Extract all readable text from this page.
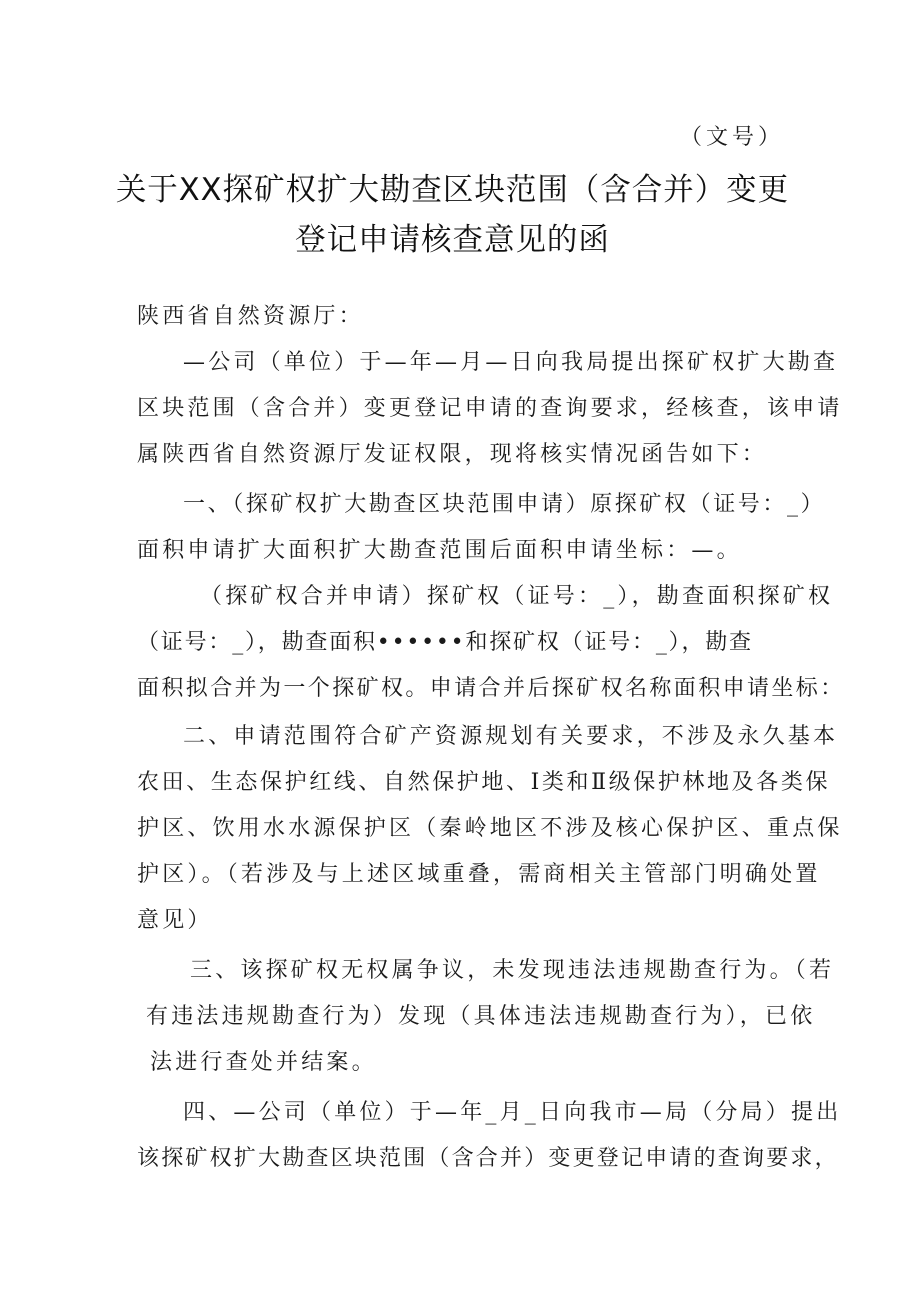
（文号）
关于XX探矿权扩大勘查区块范围（含合并）变更
登记申请核查意见的函
陕西省自然资源厅：
—公司（单位）于—年—月—日向我局提出探矿权扩大勘查
区块范围（含合并）变更登记申请的查询要求，经核查，该申请
属陕西省自然资源厅发证权限，现将核实情况函告如下：
一、（探矿权扩大勘查区块范围申请）原探矿权（证号：_）
面积申请扩大面积扩大勘查范围后面积申请坐标：—。
（探矿权合并申请）探矿权（证号：_），勘查面积探矿权
（证号：_），勘查面积••••••和探矿权（证号：_），勘查
面积拟合并为一个探矿权。申请合并后探矿权名称面积申请坐标：
二、申请范围符合矿产资源规划有关要求，不涉及永久基本
农田、生态保护红线、自然保护地、Ⅰ类和Ⅱ级保护林地及各类保
护区、饮用水水源保护区（秦岭地区不涉及核心保护区、重点保
护区）。（若涉及与上述区域重叠，需商相关主管部门明确处置
意见）
三、该探矿权无权属争议，未发现违法违规勘查行为。（若
有违法违规勘查行为）发现（具体违法违规勘查行为），已依
法进行查处并结案。
四、—公司（单位）于—年_月_日向我市—局（分局）提出
该探矿权扩大勘查区块范围（含合并）变更登记申请的查询要求，
